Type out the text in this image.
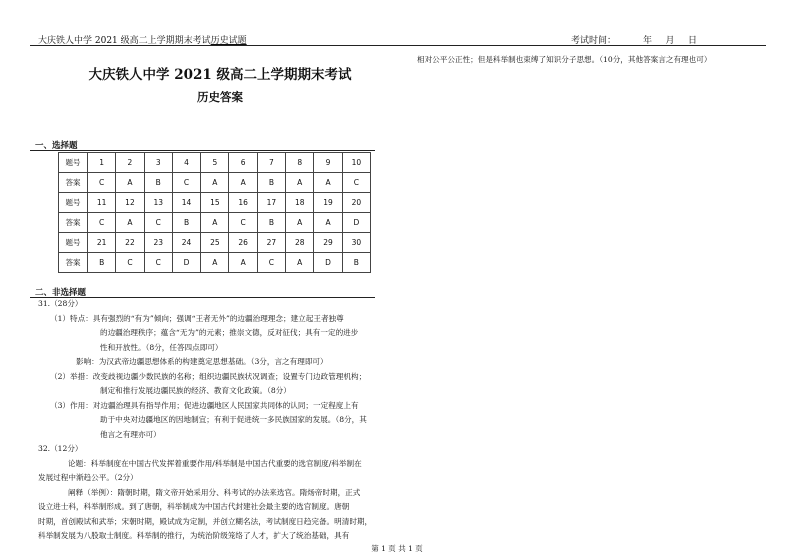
大庆铁人中学 2021 级高二上学期期末考试历史试题	考试时间：______年___月___日
大庆铁人中学 2021 级高二上学期期末考试
历史答案
一、选择题
题号	1	2	3	4	5	6	7	8	9	10
答案	C	A	B	C	A	A	B	A	A	C
题号	11	12	13	14	15	16	17	18	19	20
答案	C	A	C	B	A	C	B	A	A	D
题号	21	22	23	24	25	26	27	28	29	30
答案	B	C	C	D	A	A	C	A	D	B
二、非选择题
31.（28分）
（1）特点：具有强烈的“有为”倾向；强调“王者无外”的边疆治理理念；建立起王者独尊
的边疆治理秩序；蕴含“无为”的元素；推崇文德，反对征伐；具有一定的进步
性和开放性。（8分，任答四点即可）
影响：为汉武帝边疆思想体系的构建奠定思想基础。（3分，言之有理即可）
（2）举措：改变歧视边疆少数民族的名称；组织边疆民族状况调查；设置专门边政管理机构；
制定和推行发展边疆民族的经济、教育文化政策。（8分）
（3）作用：对边疆治理具有指导作用；促进边疆地区人民国家共同体的认同；一定程度上有
助于中央对边疆地区的因地制宜；有利于促进统一多民族国家的发展。（8分，其
他言之有理亦可）
32.（12分）
论题：科举制度在中国古代发挥着重要作用/科举制是中国古代重要的选官制度/科举制在
发展过程中渐趋公平。（2分）
阐释（举例）：隋朝时期，隋文帝开始采用分、科考试的办法来选官。隋炀帝时期，正式
设立进士科，科举制形成。到了唐朝，科举制成为中国古代封建社会最主要的选官制度。唐朝
时期，首创殿试和武举；宋朝时期，殿试成为定制，并创立糊名法，考试制度日趋完备。明清时期，
科举制发展为八股取士制度。科举制的推行，为统治阶级笼络了人才，扩大了统治基础，具有
相对公平公正性；但是科举制也束缚了知识分子思想。（10分，其他答案言之有理也可）
第 1 页 共 1 页
